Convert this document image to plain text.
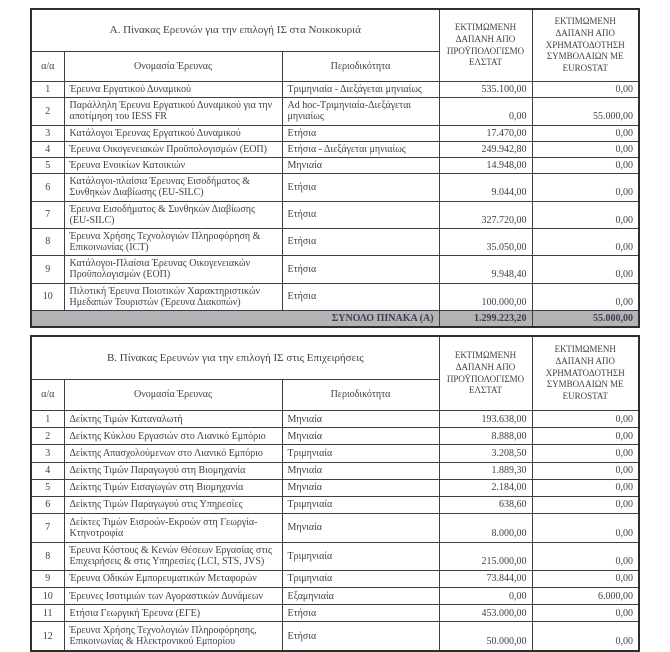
Α. Πίνακας Ερευνών για την επιλογή ΙΣ στα Νοικοκυριά			ΕΚΤΙΜΩΜΕΝΗ ΔΑΠΑΝΗ ΑΠΟ ΠΡΟΫΠΟΛΟΓΙΣΜΟ ΕΛΣΤΑΤ	ΕΚΤΙΜΩΜΕΝΗ ΔΑΠΑΝΗ ΑΠΟ ΧΡΗΜΑΤΟΔΟΤΗΣΗ ΣΥΜΒΟΛΑΙΩΝ ΜΕ EUROSTAT
α/α	Ονομασία Έρευνας	Περιοδικότητα		
1	Έρευνα Εργατικού Δυναμικού	Τριμηνιαία - Διεξάγεται μηνιαίως	535.100,00	0,00
2	Παράλληλη Έρευνα Εργατικού Δυναμικού για την αποτίμηση του IESS FR	Ad hoc-Τριμηνιαία-Διεξάγεται μηνιαίως	0,00	55.000,00
3	Κατάλογοι Έρευνας Εργατικού Δυναμικού	Ετήσια	17.470,00	0,00
4	Έρευνα Οικογενειακών Προϋπολογισμών (ΕΟΠ)	Ετήσια - Διεξάγεται μηνιαίως	249.942,80	0,00
5	Έρευνα Ενοικίων Κατοικιών	Μηνιαία	14.948,00	0,00
6	Κατάλογοι-πλαίσια Έρευνας Εισοδήματος & Συνθηκών Διαβίωσης (EU-SILC)	Ετήσια	9.044,00	0,00
7	Έρευνα Εισοδήματος & Συνθηκών Διαβίωσης (EU-SILC)	Ετήσια	327.720,00	0,00
8	Έρευνα Χρήσης Τεχνολογιών Πληροφόρηση & Επικοινωνίας (ICT)	Ετήσια	35.050,00	0,00
9	Κατάλογοι-Πλαίσια Έρευνας Οικογενειακών Προϋπολογισμών (ΕΟΠ)	Ετήσια	9.948,40	0,00
10	Πιλοτική Έρευνα Ποιοτικών Χαρακτηριστικών Ημεδαπών Τουριστών (Έρευνα Διακοπών)	Ετήσια	100.000,00	0,00
ΣΥΝΟΛΟ ΠΙΝΑΚΑ (Α)			1.299.223,20	55.000,00
Β. Πίνακας Ερευνών για την επιλογή ΙΣ στις Επιχειρήσεις			ΕΚΤΙΜΩΜΕΝΗ ΔΑΠΑΝΗ ΑΠΟ ΠΡΟΫΠΟΛΟΓΙΣΜΟ ΕΛΣΤΑΤ	ΕΚΤΙΜΩΜΕΝΗ ΔΑΠΑΝΗ ΑΠΟ ΧΡΗΜΑΤΟΔΟΤΗΣΗ ΣΥΜΒΟΛΑΙΩΝ ΜΕ EUROSTAT
α/α	Ονομασία Έρευνας	Περιοδικότητα		
1	Δείκτης Τιμών Καταναλωτή	Μηνιαία	193.638,00	0,00
2	Δείκτης Κύκλου Εργασιών στο Λιανικό Εμπόριο	Μηνιαία	8.888,00	0,00
3	Δείκτης Απασχολούμενων στο Λιανικό Εμπόριο	Τριμηνιαία	3.208,50	0,00
4	Δείκτης Τιμών Παραγωγού στη Βιομηχανία	Μηνιαία	1.889,30	0,00
5	Δείκτης Τιμών Εισαγωγών στη Βιομηχανία	Μηνιαία	2.184,00	0,00
6	Δείκτης Τιμών Παραγωγού στις Υπηρεσίες	Τριμηνιαία	638,60	0,00
7	Δείκτες Τιμών Εισροών-Εκροών στη Γεωργία-Κτηνοτροφία	Μηνιαία	8.000,00	0,00
8	Έρευνα Κόστους & Κενών Θέσεων Εργασίας στις Επιχειρήσεις & στις Υπηρεσίες (LCI, STS, JVS)	Τριμηνιαία	215.000,00	0,00
9	Έρευνα Οδικών Εμπορευματικών Μεταφορών	Τριμηνιαία	73.844,00	0,00
10	Έρευνες Ισοτιμιών των Αγοραστικών Δυνάμεων	Εξαμηνιαία	0,00	6.000,00
11	Ετήσια Γεωργική Έρευνα (ΕΓΕ)	Ετήσια	453.000,00	0,00
12	Έρευνα Χρήσης Τεχνολογιών Πληροφόρησης, Επικοινωνίας & Ηλεκτρονικού Εμπορίου	Ετήσια	50.000,00	0,00
